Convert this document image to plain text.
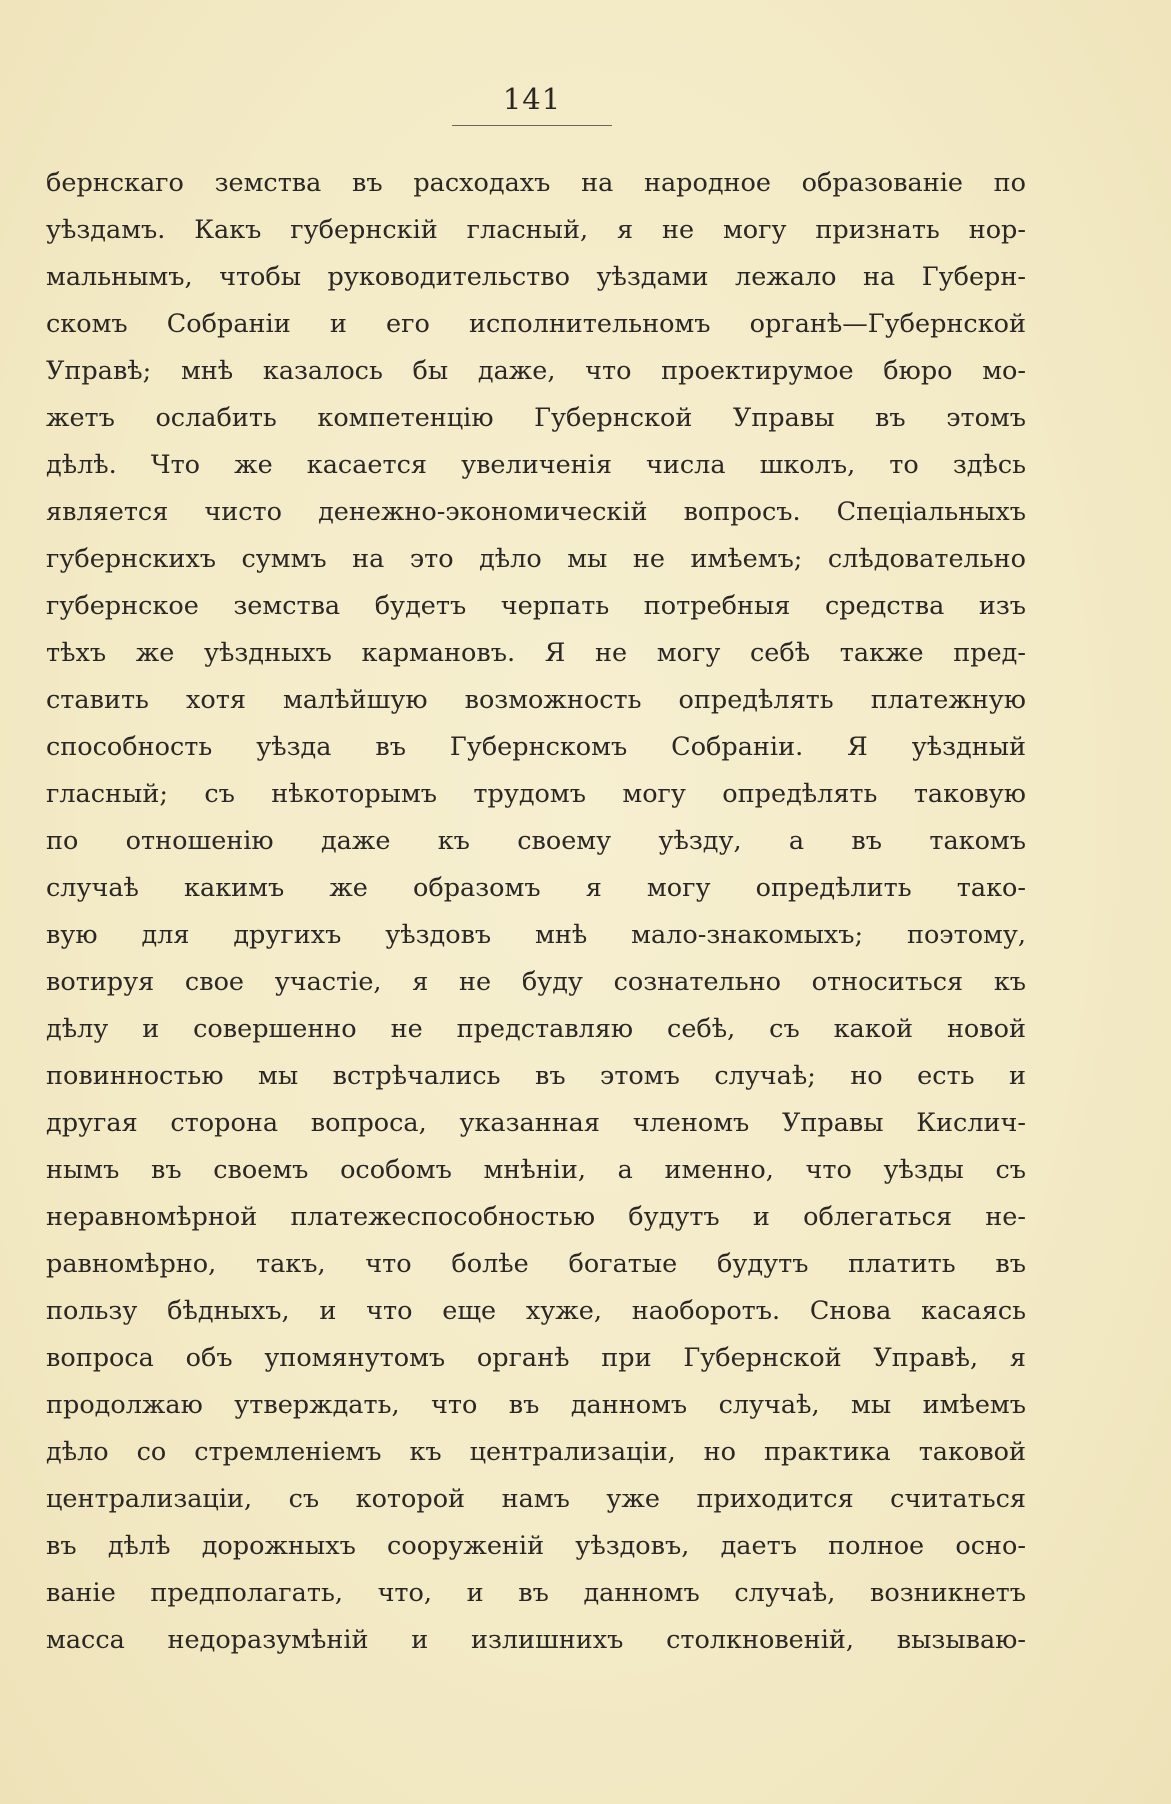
141
бернскаго земства въ расходахъ на народное образованіе по
уѣздамъ. Какъ губернскій гласный, я не могу признать нор-
мальнымъ, чтобы руководительство уѣздами лежало на Губерн-
скомъ Собраніи и его исполнительномъ органѣ—Губернской
Управѣ; мнѣ казалось бы даже, что проектирумое бюро мо-
жетъ ослабить компетенцію Губернской Управы въ этомъ
дѣлѣ. Что же касается увеличенія числа школъ, то здѣсь
является чисто денежно-экономическій вопросъ. Спеціальныхъ
губернскихъ суммъ на это дѣло мы не имѣемъ; слѣдовательно
губернское земства будетъ черпать потребныя средства изъ
тѣхъ же уѣздныхъ кармановъ. Я не могу себѣ также пред-
ставить хотя малѣйшую возможность опредѣлять платежную
способность уѣзда въ Губернскомъ Собраніи. Я уѣздный
гласный; съ нѣкоторымъ трудомъ могу опредѣлять таковую
по отношенію даже къ своему уѣзду, а въ такомъ
случаѣ какимъ же образомъ я могу опредѣлить тако-
вую для другихъ уѣздовъ мнѣ мало-знакомыхъ; поэтому,
вотируя свое участіе, я не буду сознательно относиться къ
дѣлу и совершенно не представляю себѣ, съ какой новой
повинностью мы встрѣчались въ этомъ случаѣ; но есть и
другая сторона вопроса, указанная членомъ Управы Кислич-
нымъ въ своемъ особомъ мнѣніи, а именно, что уѣзды съ
неравномѣрной платежеспособностью будутъ и облегаться не-
равномѣрно, такъ, что болѣе богатые будутъ платить въ
пользу бѣдныхъ, и что еще хуже, наоборотъ. Снова касаясь
вопроса объ упомянутомъ органѣ при Губернской Управѣ, я
продолжаю утверждать, что въ данномъ случаѣ, мы имѣемъ
дѣло со стремленіемъ къ централизаціи, но практика таковой
централизаціи, съ которой намъ уже приходится считаться
въ дѣлѣ дорожныхъ сооруженій уѣздовъ, даетъ полное осно-
ваніе предполагать, что, и въ данномъ случаѣ, возникнетъ
масса недоразумѣній и излишнихъ столкновеній, вызываю-
